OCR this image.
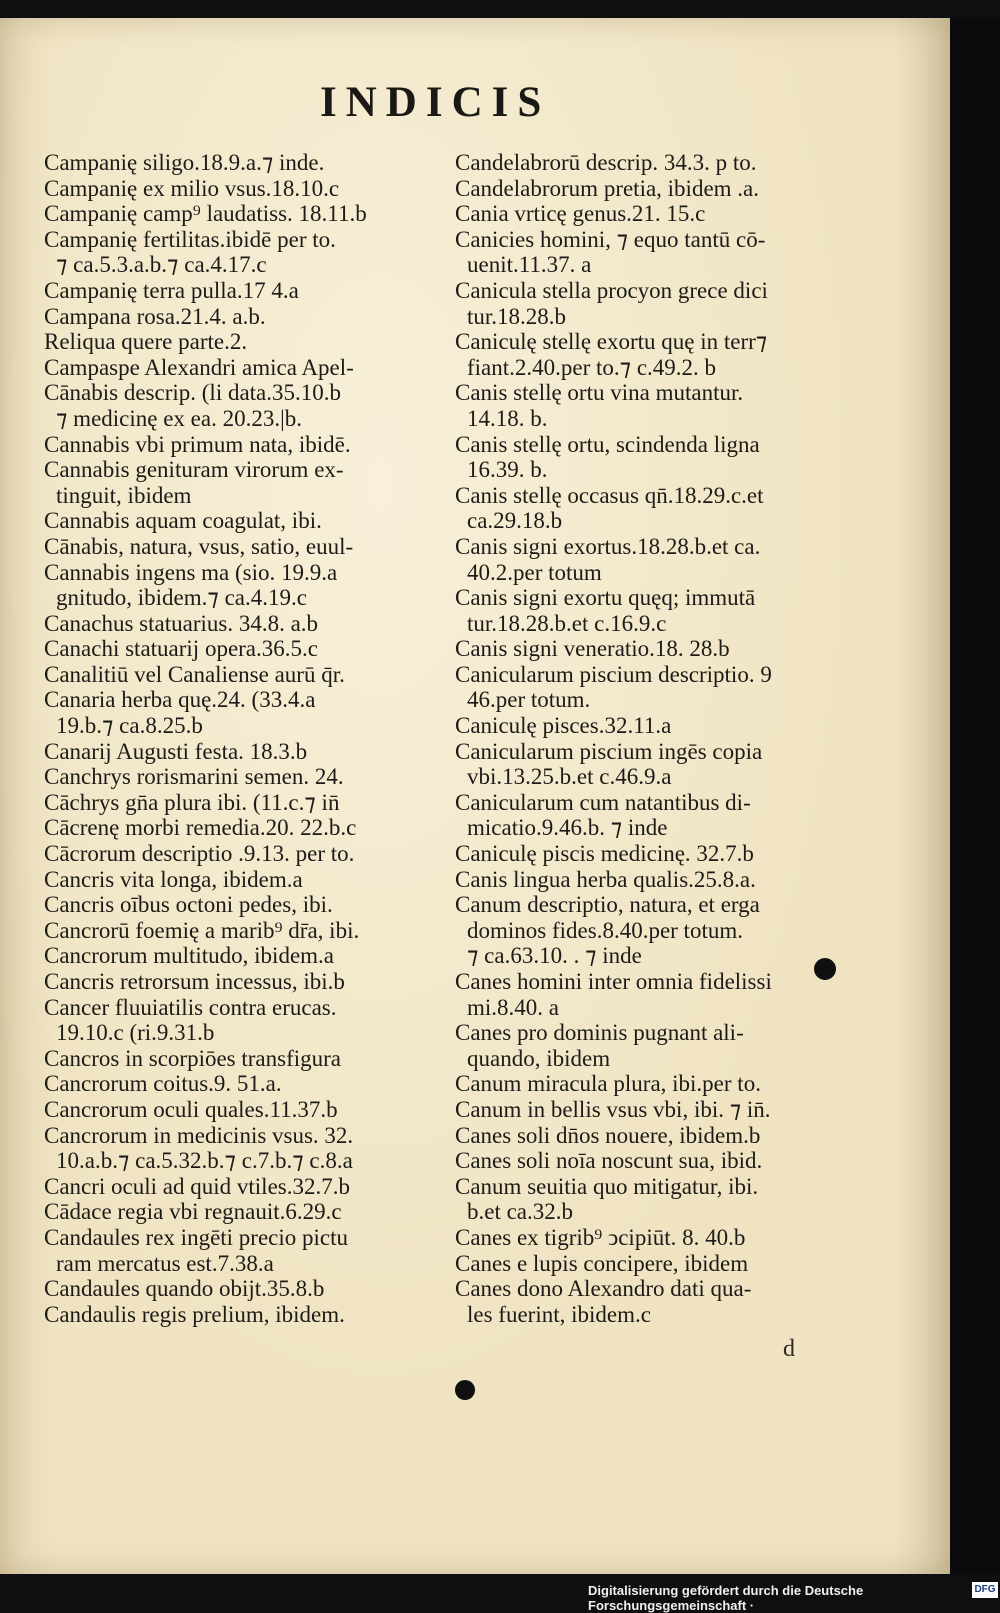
INDICIS
Campanię siligo.18.9.a.⁊ inde.
Campanię ex milio vsus.18.10.c
Campanię camp⁹ laudatiss. 18.11.b
Campanię fertilitas.ibidē per to.
⁊ ca.5.3.a.b.⁊ ca.4.17.c
Campanię terra pulla.17 4.a
Campana rosa.21.4. a.b.
Reliqua quere parte.2.
Campaspe Alexandri amica Apel-
Cānabis descrip. (li data.35.10.b
⁊ medicinę ex ea. 20.23.|b.
Cannabis vbi primum nata, ibidē.
Cannabis genituram virorum ex-
tinguit, ibidem
Cannabis aquam coagulat, ibi.
Cānabis, natura, vsus, satio, euul-
Cannabis ingens ma (sio. 19.9.a
gnitudo, ibidem.⁊ ca.4.19.c
Canachus statuarius. 34.8. a.b
Canachi statuarij opera.36.5.c
Canalitiū vel Canaliense aurū q̄r.
Canaria herba quę.24. (33.4.a
19.b.⁊ ca.8.25.b
Canarij Augusti festa. 18.3.b
Canchrys rorismarini semen. 24.
Cāchrys gn̄a plura ibi. (11.c.⁊ in̄
Cācrenę morbi remedia.20. 22.b.c
Cācrorum descriptio .9.13. per to.
Cancris vita longa, ibidem.a
Cancris oībus octoni pedes, ibi.
Cancrorū foemię a marib⁹ dr̄a, ibi.
Cancrorum multitudo, ibidem.a
Cancris retrorsum incessus, ibi.b
Cancer fluuiatilis contra erucas.
19.10.c (ri.9.31.b
Cancros in scorpiōes transfigura
Cancrorum coitus.9. 51.a.
Cancrorum oculi quales.11.37.b
Cancrorum in medicinis vsus. 32.
10.a.b.⁊ ca.5.32.b.⁊ c.7.b.⁊ c.8.a
Cancri oculi ad quid vtiles.32.7.b
Cādace regia vbi regnauit.6.29.c
Candaules rex ingēti precio pictu
ram mercatus est.7.38.a
Candaules quando obijt.35.8.b
Candaulis regis prelium, ibidem.
Candelabrorū descrip. 34.3. p to.
Candelabrorum pretia, ibidem .a.
Cania vrticę genus.21. 15.c
Canicies homini, ⁊ equo tantū cō-
uenit.11.37. a
Canicula stella procyon grece dici
tur.18.28.b
Caniculę stellę exortu quę in terr⁊
fiant.2.40.per to.⁊ c.49.2. b
Canis stellę ortu vina mutantur.
14.18. b.
Canis stellę ortu, scindenda ligna
16.39. b.
Canis stellę occasus qn̄.18.29.c.et
ca.29.18.b
Canis signi exortus.18.28.b.et ca.
40.2.per totum
Canis signi exortu quęq; immutā
tur.18.28.b.et c.16.9.c
Canis signi veneratio.18. 28.b
Canicularum piscium descriptio. 9
46.per totum.
Caniculę pisces.32.11.a
Canicularum piscium ingēs copia
vbi.13.25.b.et c.46.9.a
Canicularum cum natantibus di-
micatio.9.46.b. ⁊ inde
Caniculę piscis medicinę. 32.7.b
Canis lingua herba qualis.25.8.a.
Canum descriptio, natura, et erga
dominos fides.8.40.per totum.
⁊ ca.63.10. . ⁊ inde
Canes homini inter omnia fidelissi
mi.8.40. a
Canes pro dominis pugnant ali-
quando, ibidem
Canum miracula plura, ibi.per to.
Canum in bellis vsus vbi, ibi. ⁊ in̄.
Canes soli dn̄os nouere, ibidem.b
Canes soli noīa noscunt sua, ibid.
Canum seuitia quo mitigatur, ibi.
b.et ca.32.b
Canes ex tigrib⁹ ↄcipiūt. 8. 40.b
Canes e lupis concipere, ibidem
Canes dono Alexandro dati qua-
les fuerint, ibidem.c
d
Digitalisierung gefördert durch die Deutsche Forschungsgemeinschaft ·
DFG
